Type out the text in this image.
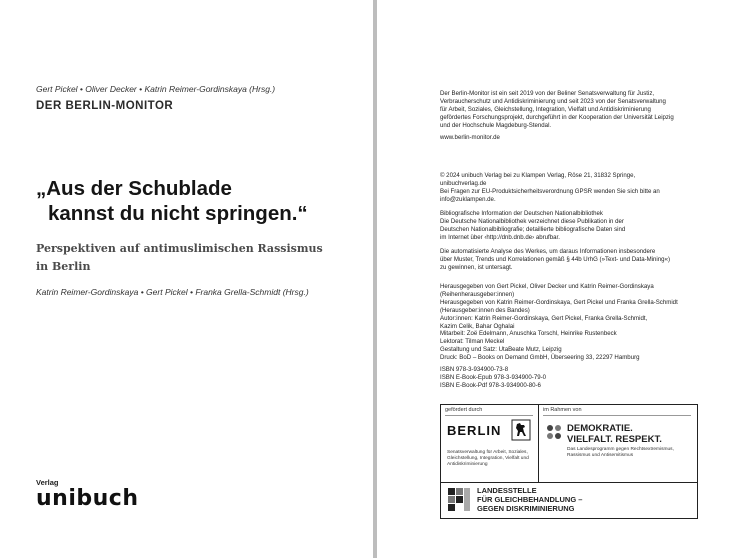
Gert Pickel • Oliver Decker • Katrin Reimer-Gordinskaya (Hrsg.)
DER BERLIN-MONITOR
„Aus der Schublade
kannst du nicht springen.“
Perspektiven auf antimuslimischen Rassismus
in Berlin
Katrin Reimer-Gordinskaya • Gert Pickel • Franka Grella-Schmidt (Hrsg.)
Verlag
unibuch

Der Berlin-Monitor ist ein seit 2019 von der Beliner Senatsverwaltung für Justiz,

Verbraucherschutz und Antidiskriminierung und seit 2023 von der Senatsverwaltung

für Arbeit, Soziales, Gleichstellung, Integration, Vielfalt und Antidiskriminierung

gefördertes Forschungsprojekt, durchgeführt in der Kooperation der Universität Leipzig

und der Hochschule Magdeburg-Stendal.

www.berlin-monitor.de

© 2024 unibuch Verlag bei zu Klampen Verlag, Röse 21, 31832 Springe,

unibuchverlag.de

Bei Fragen zur EU-Produktsicherheitsverordnung GPSR wenden Sie sich bitte an

info@zuklampen.de.

Bibliografische Information der Deutschen Nationalbibliothek

Die Deutsche Nationalbibliothek verzeichnet diese Publikation in der

Deutschen Nationalbibliografie; detaillierte bibliografische Daten sind

im Internet über ‹http://dnb.dnb.de› abrufbar.

Die automatisierte Analyse des Werkes, um daraus Informationen insbesondere

über Muster, Trends und Korrelationen gemäß § 44b UrhG (»Text- und Data-Mining«)

zu gewinnen, ist untersagt.

Herausgegeben von Gert Pickel, Oliver Decker und Katrin Reimer-Gordinskaya

(Reihenherausgeber:innen)

Herausgegeben von Katrin Reimer-Gordinskaya, Gert Pickel und Franka Grella-Schmidt

(Herausgeber:innen des Bandes)

Autor:innen: Katrin Reimer-Gordinskaya, Gert Pickel, Franka Grella-Schmidt,

Kazim Celik, Bahar Oghalai

Mitarbeit: Zoë Edelmann, Anuschka Torschl, Heinrike Rustenbeck

Lektorat: Tilman Meckel

Gestaltung und Satz: UtaBeate Mutz, Leipzig

Druck: BoD – Books on Demand GmbH, Überseering 33, 22297 Hamburg

ISBN 978-3-934900-73-8

ISBN E-Book-Epub 978-3-934900-79-0

ISBN E-Book-Pdf 978-3-934900-80-6

gefördert durch	im Rahmen von
BERLIN
Senatsverwaltung für Arbeit, Soziales, Gleichstellung, Integration, Vielfalt und Antidiskriminierung
DEMOKRATIE.
VIELFALT. RESPEKT.
Das Landesprogramm gegen Rechtsextremismus, Rassismus und Antisemitismus
LANDESSTELLE
FÜR GLEICHBEHANDLUNG –
GEGEN DISKRIMINIERUNG
